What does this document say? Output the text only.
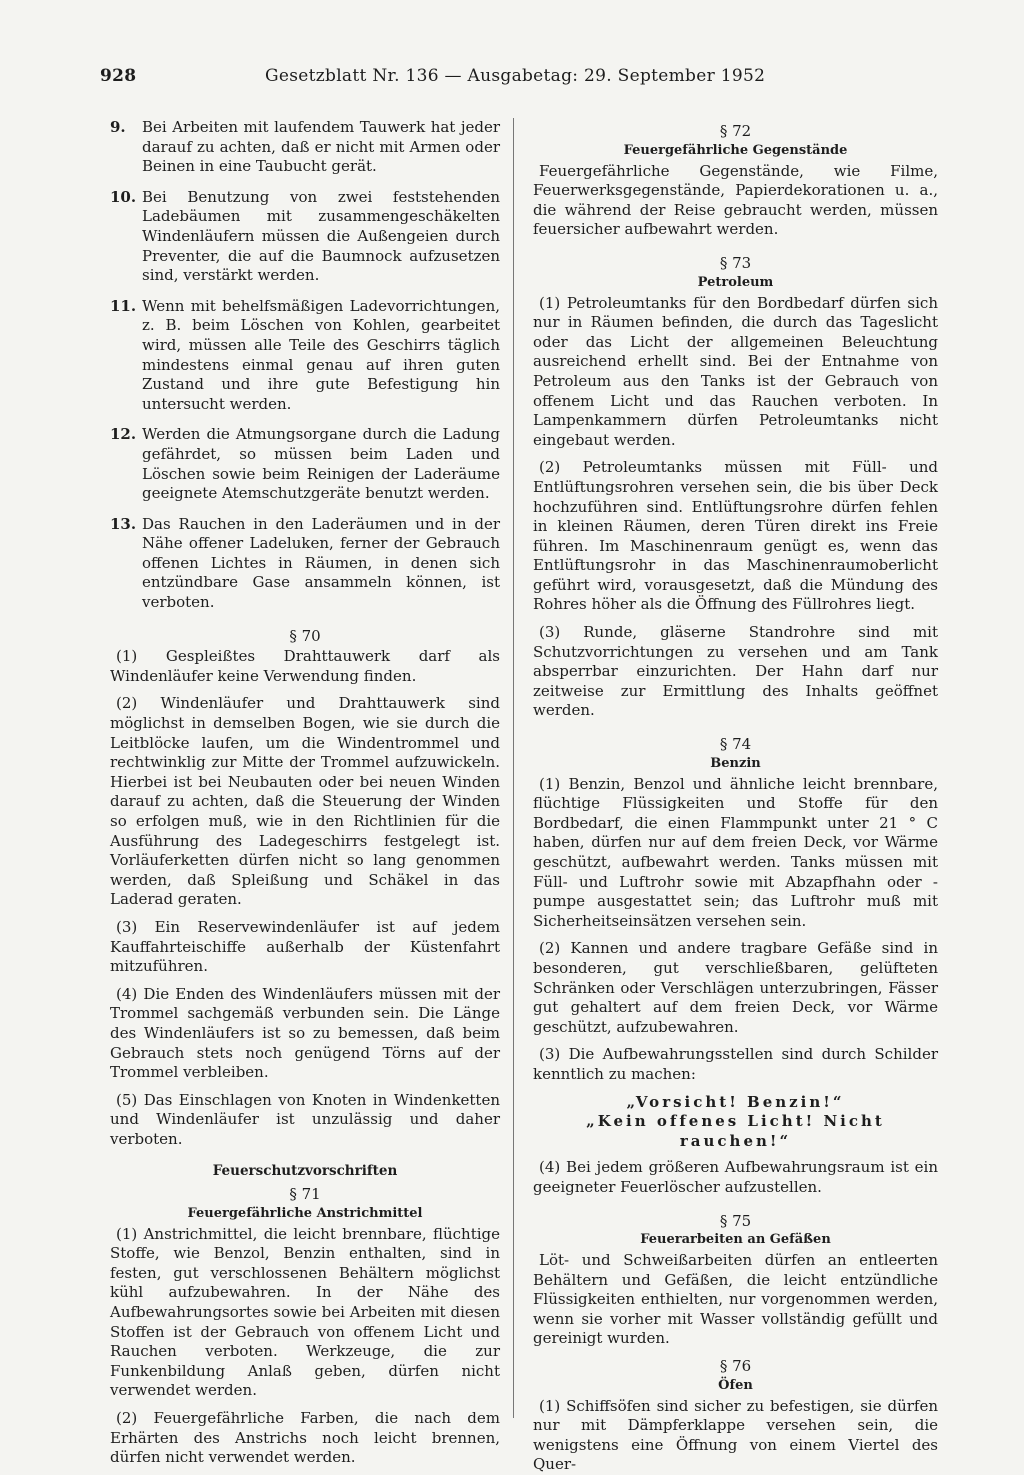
928	Gesetzblatt Nr. 136 — Ausgabetag: 29. September 1952
9.	Bei Arbeiten mit laufendem Tauwerk hat jeder darauf zu achten, daß er nicht mit Armen oder Beinen in eine Taubucht gerät.
10. Bei Benutzung von zwei feststehenden Ladebäumen mit zusammengeschäkelten Windenläufern müssen die Außengeien durch Preventer, die auf die Baumnock aufzusetzen sind, verstärkt werden.
11. Wenn mit behelfsmäßigen Ladevorrichtungen, z. B. beim Löschen von Kohlen, gearbeitet wird, müssen alle Teile des Geschirrs täglich mindestens einmal genau auf ihren guten Zustand und ihre gute Befestigung hin untersucht werden.
12. Werden die Atmungsorgane durch die Ladung gefährdet, so müssen beim Laden und Löschen sowie beim Reinigen der Laderäume geeignete Atemschutzgeräte benutzt werden.
13. Das Rauchen in den Laderäumen und in der Nähe offener Ladeluken, ferner der Gebrauch offenen Lichtes in Räumen, in denen sich entzündbare Gase ansammeln können, ist verboten.
§ 70

(1) Gespleißtes Drahttauwerk darf als Windenläufer keine Verwendung finden.

(2) Windenläufer und Drahttauwerk sind möglichst in demselben Bogen, wie sie durch die Leitblöcke laufen, um die Windentrommel und rechtwinklig zur Mitte der Trommel aufzuwickeln. Hierbei ist bei Neubauten oder bei neuen Winden darauf zu achten, daß die Steuerung der Winden so erfolgen muß, wie in den Richtlinien für die Ausführung des Ladegeschirrs festgelegt ist. Vorläuferketten dürfen nicht so lang genommen werden, daß Spleißung und Schäkel in das Laderad geraten.

(3) Ein Reservewindenläufer ist auf jedem Kauffahrteischiffe außerhalb der Küstenfahrt mitzuführen.

(4) Die Enden des Windenläufers müssen mit der Trommel sachgemäß verbunden sein. Die Länge des Windenläufers ist so zu bemessen, daß beim Gebrauch stets noch genügend Törns auf der Trommel verbleiben.

(5) Das Einschlagen von Knoten in Windenketten und Windenläufer ist unzulässig und daher verboten.

Feuerschutzvorschriften
§ 71
Feuergefährliche Anstrichmittel

(1) Anstrichmittel, die leicht brennbare, flüchtige Stoffe, wie Benzol, Benzin enthalten, sind in festen, gut verschlossenen Behältern möglichst kühl aufzubewahren. In der Nähe des Aufbewahrungsortes sowie bei Arbeiten mit diesen Stoffen ist der Gebrauch von offenem Licht und Rauchen verboten. Werkzeuge, die zur Funkenbildung Anlaß geben, dürfen nicht verwendet werden.

(2) Feuergefährliche Farben, die nach dem Erhärten des Anstrichs noch leicht brennen, dürfen nicht verwendet werden.

§ 72
Feuergefährliche Gegenstände

Feuergefährliche Gegenstände, wie Filme, Feuerwerksgegenstände, Papierdekorationen u. a., die während der Reise gebraucht werden, müssen feuersicher aufbewahrt werden.

§ 73
Petroleum

(1) Petroleumtanks für den Bordbedarf dürfen sich nur in Räumen befinden, die durch das Tageslicht oder das Licht der allgemeinen Beleuchtung ausreichend erhellt sind. Bei der Entnahme von Petroleum aus den Tanks ist der Gebrauch von offenem Licht und das Rauchen verboten. In Lampenkammern dürfen Petroleumtanks nicht eingebaut werden.

(2) Petroleumtanks müssen mit Füll- und Entlüftungsrohren versehen sein, die bis über Deck hochzuführen sind. Entlüftungsrohre dürfen fehlen in kleinen Räumen, deren Türen direkt ins Freie führen. Im Maschinenraum genügt es, wenn das Entlüftungsrohr in das Maschinenraumoberlicht geführt wird, vorausgesetzt, daß die Mündung des Rohres höher als die Öffnung des Füllrohres liegt.

(3) Runde, gläserne Standrohre sind mit Schutzvorrichtungen zu versehen und am Tank absperrbar einzurichten. Der Hahn darf nur zeitweise zur Ermittlung des Inhalts geöffnet werden.

§ 74
Benzin

(1) Benzin, Benzol und ähnliche leicht brennbare, flüchtige Flüssigkeiten und Stoffe für den Bordbedarf, die einen Flammpunkt unter 21 ° C haben, dürfen nur auf dem freien Deck, vor Wärme geschützt, aufbewahrt werden. Tanks müssen mit Füll- und Luftrohr sowie mit Abzapfhahn oder -pumpe ausgestattet sein; das Luftrohr muß mit Sicherheitseinsätzen versehen sein.

(2) Kannen und andere tragbare Gefäße sind in besonderen, gut verschließbaren, gelüfteten Schränken oder Verschlägen unterzubringen, Fässer gut gehaltert auf dem freien Deck, vor Wärme geschützt, aufzubewahren.

(3) Die Aufbewahrungsstellen sind durch Schilder kenntlich zu machen:

„Vorsicht! Benzin!“

„Kein offenes Licht! Nicht rauchen!“

(4) Bei jedem größeren Aufbewahrungsraum ist ein geeigneter Feuerlöscher aufzustellen.

§ 75
Feuerarbeiten an Gefäßen

Löt- und Schweißarbeiten dürfen an entleerten Behältern und Gefäßen, die leicht entzündliche Flüssigkeiten enthielten, nur vorgenommen werden, wenn sie vorher mit Wasser vollständig gefüllt und gereinigt wurden.

§ 76
Öfen

(1) Schiffsöfen sind sicher zu befestigen, sie dürfen nur mit Dämpferklappe versehen sein, die wenigstens eine Öffnung von einem Viertel des Quer-
